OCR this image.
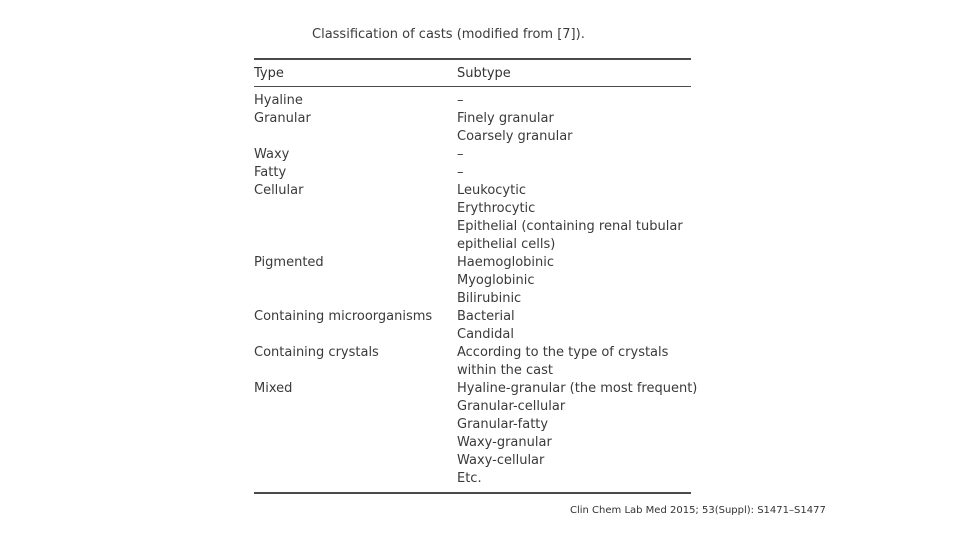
Classification of casts (modified from [7]).
Type	Subtype
Hyaline
Granular
Waxy
Fatty
Cellular
Pigmented
Containing microorganisms
Containing crystals
Mixed
–
Finely granular
Coarsely granular
–
–
Leukocytic
Erythrocytic
Epithelial (containing renal tubular
epithelial cells)
Haemoglobinic
Myoglobinic
Bilirubinic
Bacterial
Candidal
According to the type of crystals
within the cast
Hyaline-granular (the most frequent)
Granular-cellular
Granular-fatty
Waxy-granular
Waxy-cellular
Etc.
Clin Chem Lab Med 2015; 53(Suppl): S1471–S1477
